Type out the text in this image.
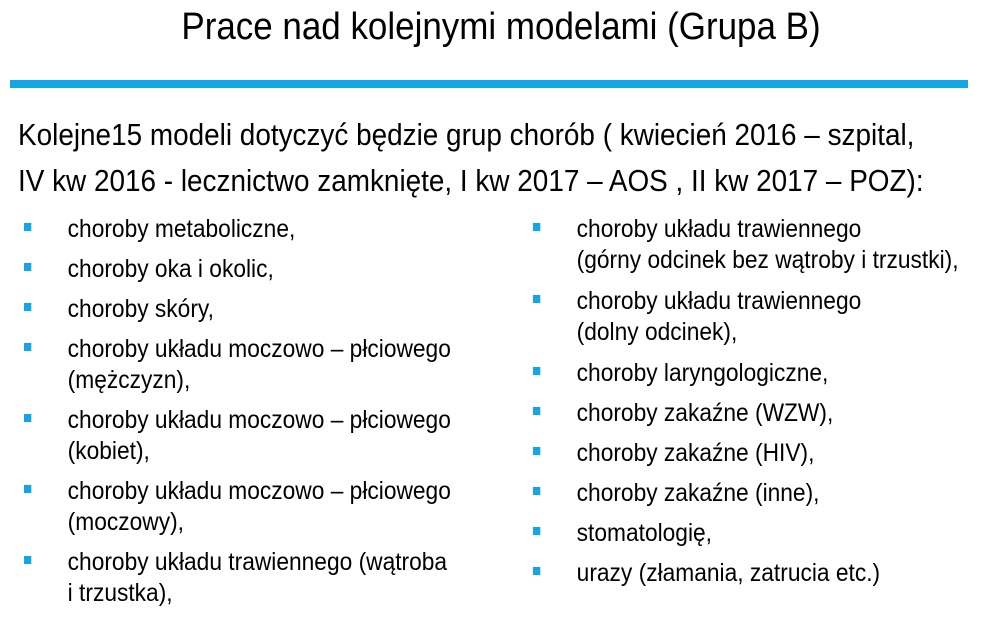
Prace nad kolejnymi modelami (Grupa B)
Kolejne15 modeli dotyczyć będzie grup chorób ( kwiecień 2016 – szpital,
IV kw 2016 - lecznictwo zamknięte, I kw 2017 – AOS , II kw 2017 – POZ):
choroby metaboliczne,
choroby oka i okolic,
choroby skóry,
choroby układu moczowo – płciowego
(mężczyzn),
choroby układu moczowo – płciowego
(kobiet),
choroby układu moczowo – płciowego
(moczowy),
choroby układu trawiennego (wątroba
i trzustka),
choroby układu trawiennego
(górny odcinek bez wątroby i trzustki),
choroby układu trawiennego
(dolny odcinek),
choroby laryngologiczne,
choroby zakaźne (WZW),
choroby zakaźne (HIV),
choroby zakaźne (inne),
stomatologię,
urazy (złamania, zatrucia etc.)
